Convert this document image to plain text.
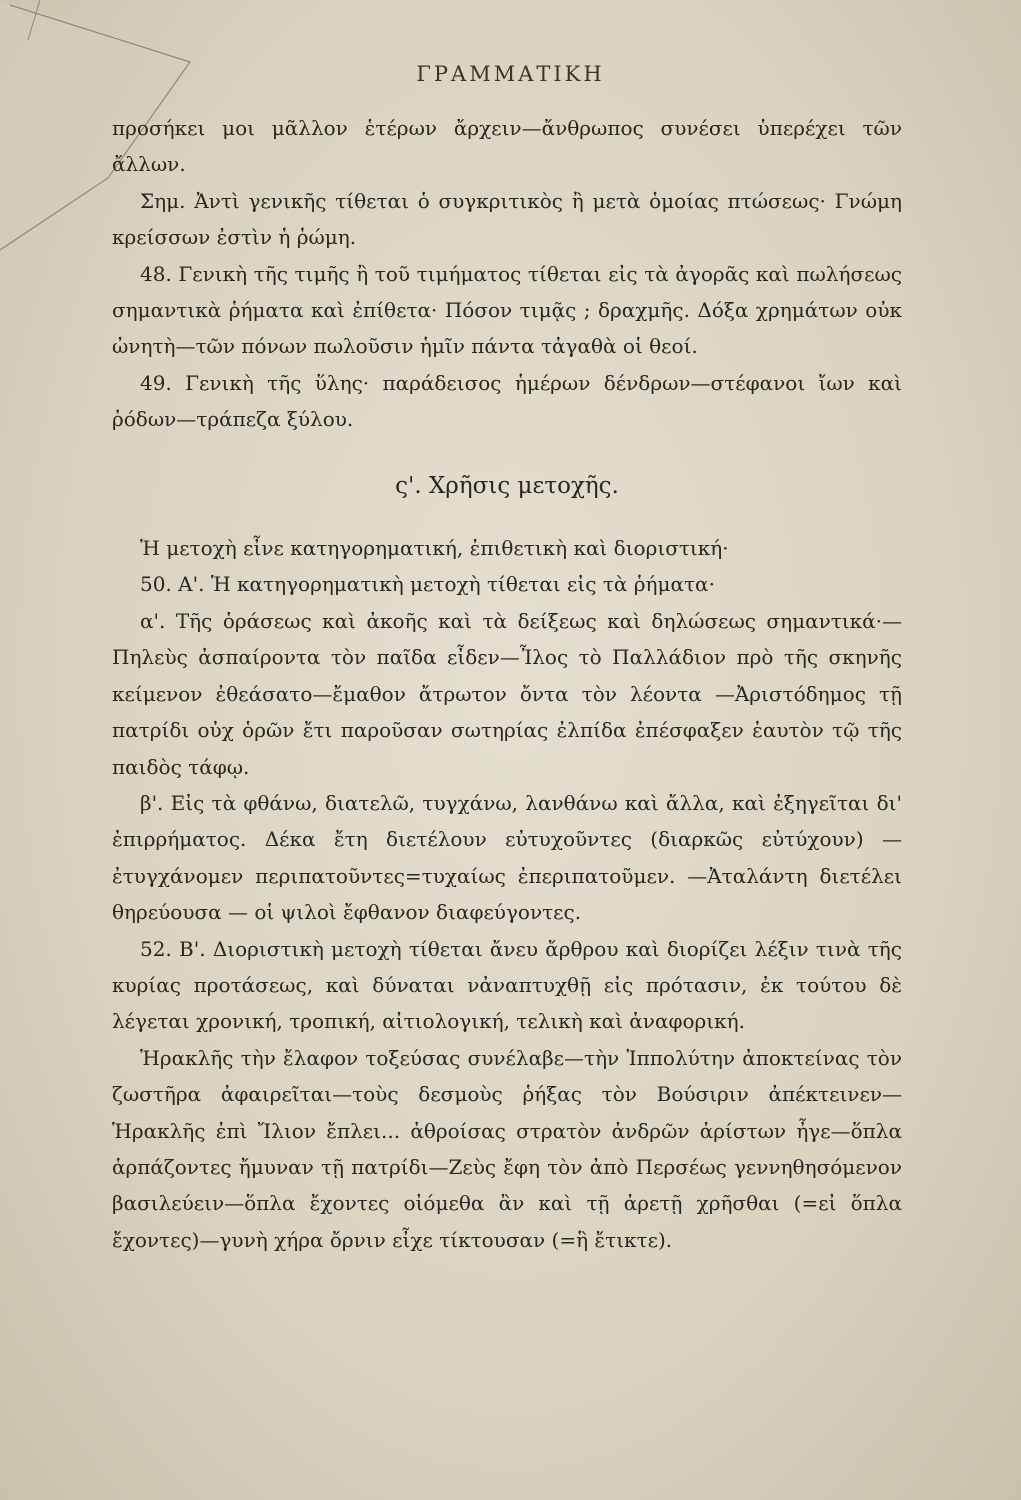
ΓΡΑΜΜΑΤΙΚΗ

προσήκει μοι μᾶλλον ἑτέρων ἄρχειν—ἄνθρωπος συνέσει ὑπερέχει τῶν ἄλλων.

Σημ. Ἀντὶ γενικῆς τίθεται ὁ συγκριτικὸς ἢ μετὰ ὁμοίας πτώσεως· Γνώμη κρείσσων ἐστὶν ἡ ῥώμη.

48. Γενικὴ τῆς τιμῆς ἢ τοῦ τιμήματος τίθεται εἰς τὰ ἀγορᾶς καὶ πωλήσεως σημαντικὰ ῥήματα καὶ ἐπίθετα· Πόσον τιμᾷς ; δραχμῆς. Δόξα χρημάτων οὐκ ὠνητὴ—τῶν πόνων πωλοῦσιν ἡμῖν πάντα τἀγαθὰ οἱ θεοί.

49. Γενικὴ τῆς ὕλης· παράδεισος ἡμέρων δένδρων—στέφανοι ἴων καὶ ῥόδων—τράπεζα ξύλου.

ς'. Χρῆσις μετοχῆς.

Ἡ μετοχὴ εἶνε κατηγορηματική, ἐπιθετικὴ καὶ διοριστική·

50. Α'. Ἡ κατηγορηματικὴ μετοχὴ τίθεται εἰς τὰ ῥήματα·

α'. Τῆς ὁράσεως καὶ ἀκοῆς καὶ τὰ δείξεως καὶ δηλώσεως σημαντικά·—Πηλεὺς ἀσπαίροντα τὸν παῖδα εἶδεν—Ἶλος τὸ Παλλάδιον πρὸ τῆς σκηνῆς κείμενον ἐθεάσατο—ἔμαθον ἄτρωτον ὄντα τὸν λέοντα —Ἀριστόδημος τῇ πατρίδι οὐχ ὁρῶν ἔτι παροῦσαν σωτηρίας ἐλπίδα ἐπέσφαξεν ἑαυτὸν τῷ τῆς παιδὸς τάφῳ.

β'. Εἰς τὰ φθάνω, διατελῶ, τυγχάνω, λανθάνω καὶ ἄλλα, καὶ ἐξηγεῖται δι' ἐπιρρήματος. Δέκα ἔτη διετέλουν εὐτυχοῦντες (διαρκῶς εὐτύχουν) — ἐτυγχάνομεν περιπατοῦντες=τυχαίως ἐπεριπατοῦμεν. —Ἀταλάντη διετέλει θηρεύουσα — οἱ ψιλοὶ ἔφθανον διαφεύγοντες.

52. Β'. Διοριστικὴ μετοχὴ τίθεται ἄνευ ἄρθρου καὶ διορίζει λέξιν τινὰ τῆς κυρίας προτάσεως, καὶ δύναται νἀναπτυχθῇ εἰς πρότασιν, ἐκ τούτου δὲ λέγεται χρονική, τροπική, αἰτιολογική, τελικὴ καὶ ἀναφορική.

Ἡρακλῆς τὴν ἔλαφον τοξεύσας συνέλαβε—τὴν Ἱππολύτην ἀποκτείνας τὸν ζωστῆρα ἀφαιρεῖται—τοὺς δεσμοὺς ῥήξας τὸν Βούσιριν ἀπέκτεινεν—Ἡρακλῆς ἐπὶ Ἴλιον ἔπλει... ἀθροίσας στρατὸν ἀνδρῶν ἀρίστων ἦγε—ὅπλα ἁρπάζοντες ἤμυναν τῇ πατρίδι—Ζεὺς ἔφη τὸν ἀπὸ Περσέως γεννηθησόμενον βασιλεύειν—ὅπλα ἔχοντες οἰόμεθα ἂν καὶ τῇ ἀρετῇ χρῆσθαι (=εἰ ὅπλα ἔχοντες)—γυνὴ χήρα ὄρνιν εἶχε τίκτουσαν (=ἣ ἔτικτε).
